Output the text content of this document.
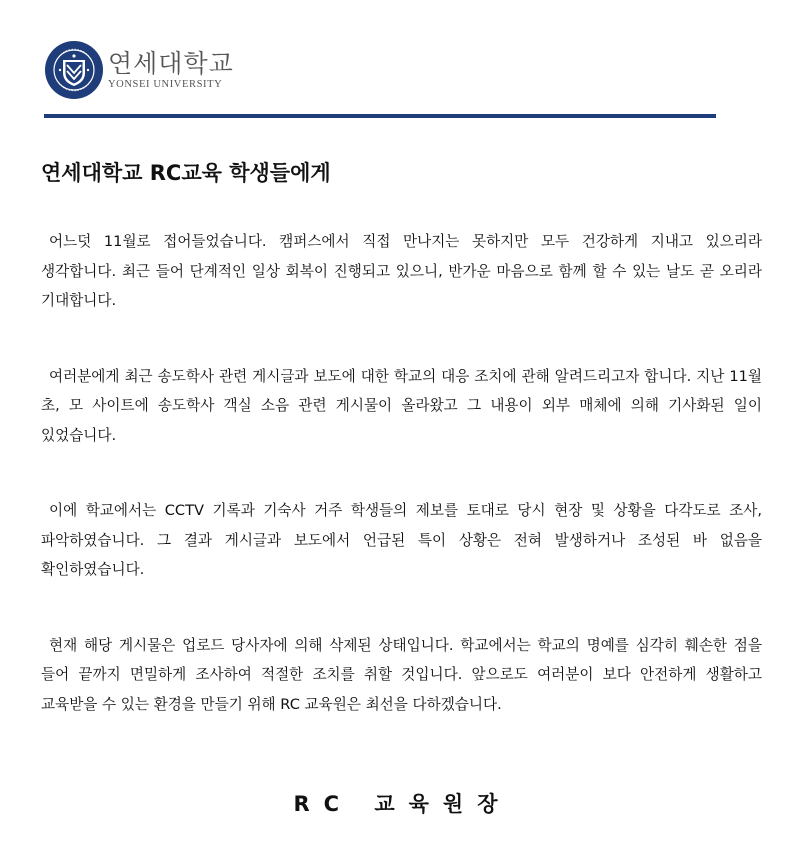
연세대학교
YONSEI UNIVERSITY
연세대학교 RC교육 학생들에게

어느덧 11월로 접어들었습니다. 캠퍼스에서 직접 만나지는 못하지만 모두 건강하게 지내고 있으리라 생각합니다. 최근 들어 단계적인 일상 회복이 진행되고 있으니, 반가운 마음으로 함께 할 수 있는 날도 곧 오리라 기대합니다.

여러분에게 최근 송도학사 관련 게시글과 보도에 대한 학교의 대응 조치에 관해 알려드리고자 합니다. 지난 11월 초, 모 사이트에 송도학사 객실 소음 관련 게시물이 올라왔고 그 내용이 외부 매체에 의해 기사화된 일이 있었습니다.

이에 학교에서는 CCTV 기록과 기숙사 거주 학생들의 제보를 토대로 당시 현장 및 상황을 다각도로 조사, 파악하였습니다. 그 결과 게시글과 보도에서 언급된 특이 상황은 전혀 발생하거나 조성된 바 없음을 확인하였습니다.

현재 해당 게시물은 업로드 당사자에 의해 삭제된 상태입니다. 학교에서는 학교의 명예를 심각히 훼손한 점을 들어 끝까지 면밀하게 조사하여 적절한 조치를 취할 것입니다. 앞으로도 여러분이 보다 안전하게 생활하고 교육받을 수 있는 환경을 만들기 위해 RC 교육원은 최선을 다하겠습니다.

RC 교육원장
